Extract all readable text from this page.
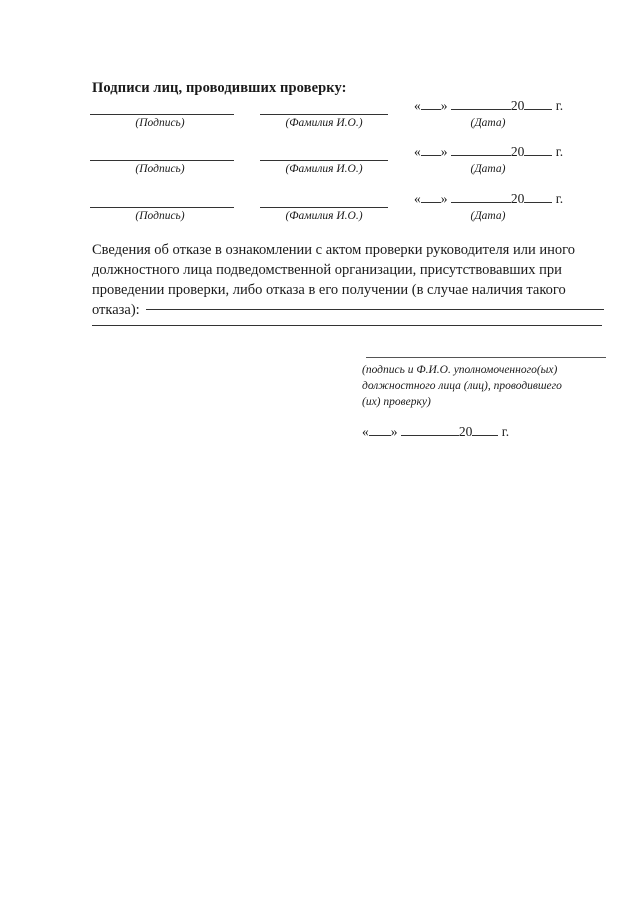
Подписи лиц, проводивших проверку:
(Подпись)	(Фамилия И.О.)
« »	20 г.
(Дата)
(Подпись)	(Фамилия И.О.)
« »	20 г.
(Дата)
(Подпись)	(Фамилия И.О.)
« »	20 г.
(Дата)
Сведения об отказе в ознакомлении с актом проверки руководителя или иного
должностного лица подведомственной организации, присутствовавших при
проведении проверки, либо отказа в его получении (в случае наличия такого
отказа):
(подпись и Ф.И.О. уполномоченного(ых)
должностного лица (лиц), проводившего
(их) проверку)
« »	20 г.
